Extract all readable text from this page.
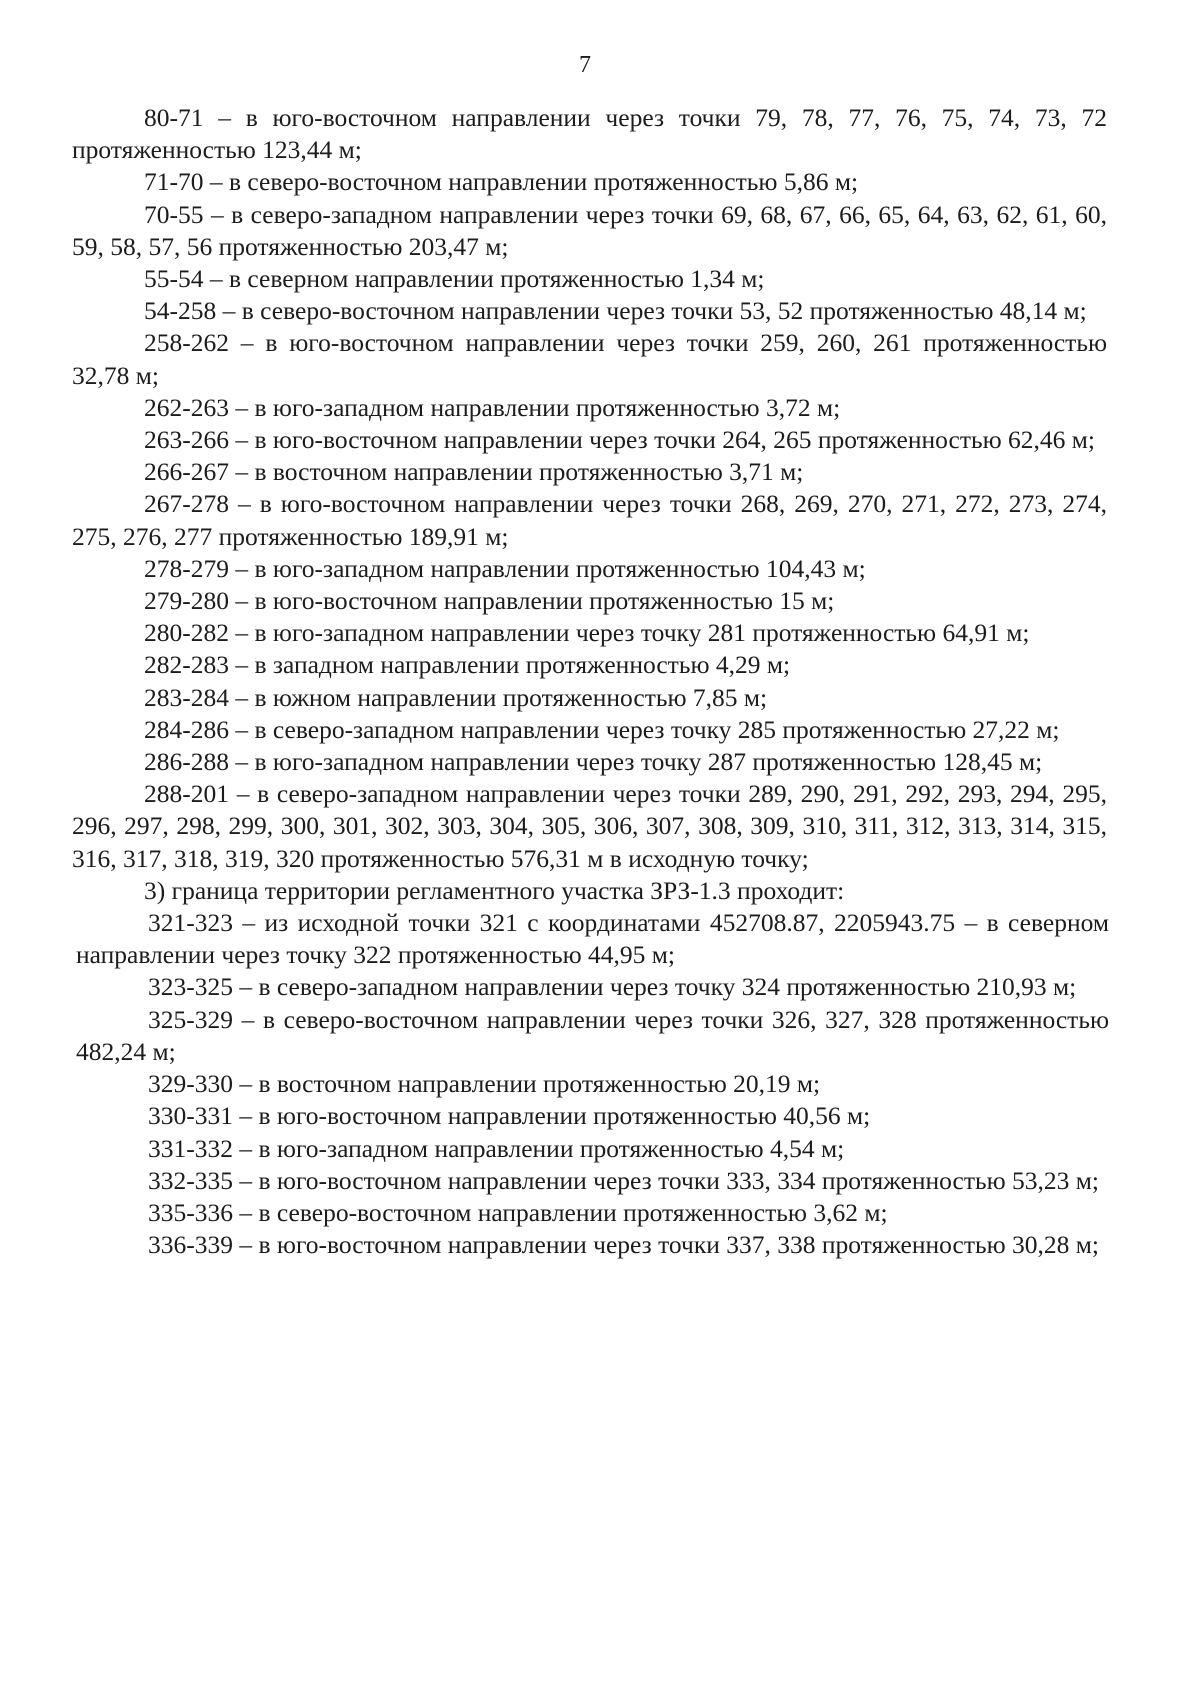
7

80-71 – в юго-восточном направлении через точки 79, 78, 77, 76, 75, 74, 73, 72 протяженностью 123,44 м;

71-70 – в северо-восточном направлении протяженностью 5,86 м;

70-55 – в северо-западном направлении через точки 69, 68, 67, 66, 65, 64, 63, 62, 61, 60, 59, 58, 57, 56 протяженностью 203,47 м;

55-54 – в северном направлении протяженностью 1,34 м;

54-258 – в северо-восточном направлении через точки 53, 52 протяженностью 48,14 м;

258-262 – в юго-восточном направлении через точки 259, 260, 261 протяженностью 32,78 м;

262-263 – в юго-западном направлении протяженностью 3,72 м;

263-266 – в юго-восточном направлении через точки 264, 265 протяженностью 62,46 м;

266-267 – в восточном направлении протяженностью 3,71 м;

267-278 – в юго-восточном направлении через точки 268, 269, 270, 271, 272, 273, 274, 275, 276, 277 протяженностью 189,91 м;

278-279 – в юго-западном направлении протяженностью 104,43 м;

279-280 – в юго-восточном направлении протяженностью 15 м;

280-282 – в юго-западном направлении через точку 281 протяженностью 64,91 м;

282-283 – в западном направлении протяженностью 4,29 м;

283-284 – в южном направлении протяженностью 7,85 м;

284-286 – в северо-западном направлении через точку 285 протяженностью 27,22 м;

286-288 – в юго-западном направлении через точку 287 протяженностью 128,45 м;

288-201 – в северо-западном направлении через точки 289, 290, 291, 292, 293, 294, 295, 296, 297, 298, 299, 300, 301, 302, 303, 304, 305, 306, 307, 308, 309, 310, 311, 312, 313, 314, 315, 316, 317, 318, 319, 320 протяженностью 576,31 м в исходную точку;

3) граница территории регламентного участка ЗРЗ-1.3 проходит:

321-323 – из исходной точки 321 с координатами 452708.87, 2205943.75 – в северном направлении через точку 322 протяженностью 44,95 м;

323-325 – в северо-западном направлении через точку 324 протяженностью 210,93 м;

325-329 – в северо-восточном направлении через точки 326, 327, 328 протяженностью 482,24 м;

329-330 – в восточном направлении протяженностью 20,19 м;

330-331 – в юго-восточном направлении протяженностью 40,56 м;

331-332 – в юго-западном направлении протяженностью 4,54 м;

332-335 – в юго-восточном направлении через точки 333, 334 протяженностью 53,23 м;

335-336 – в северо-восточном направлении протяженностью 3,62 м;

336-339 – в юго-восточном направлении через точки 337, 338 протяженностью 30,28 м;
